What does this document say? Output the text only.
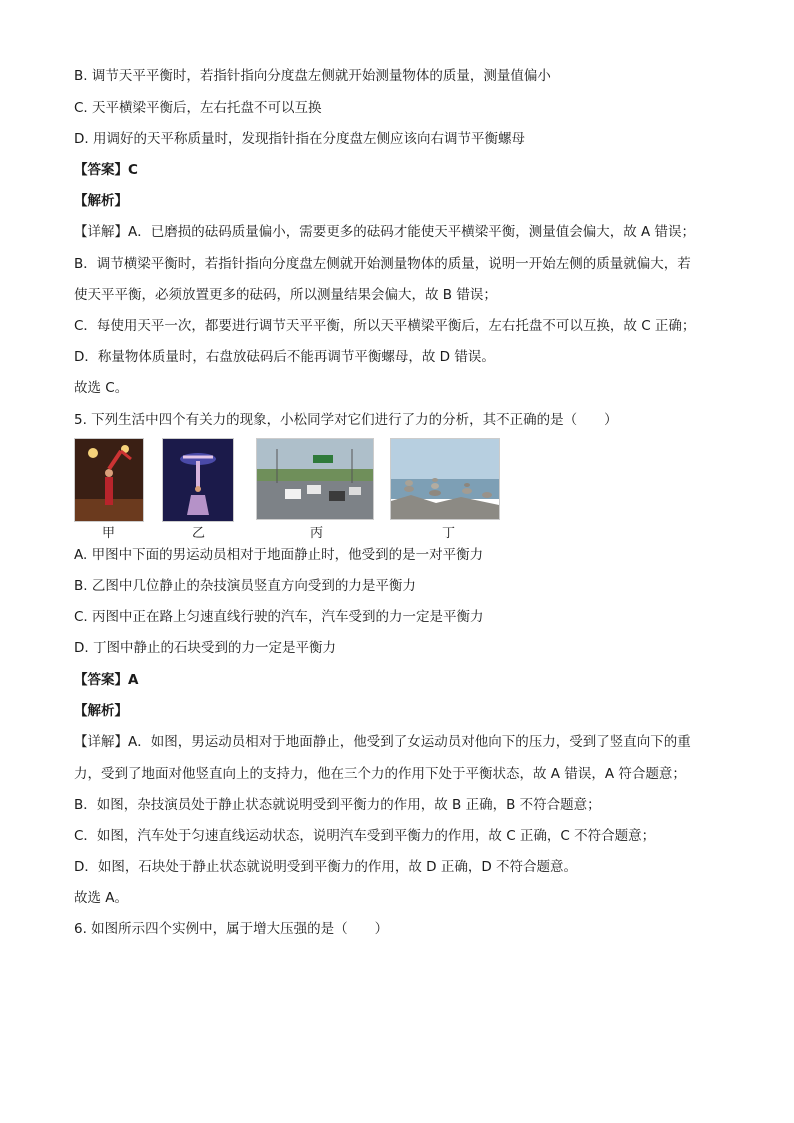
B. 调节天平平衡时，若指针指向分度盘左侧就开始测量物体的质量，测量值偏小
C. 天平横梁平衡后，左右托盘不可以互换
D. 用调好的天平称质量时，发现指针指在分度盘左侧应该向右调节平衡螺母
【答案】C
【解析】
【详解】A．已磨损的砝码质量偏小，需要更多的砝码才能使天平横梁平衡，测量值会偏大，故 A 错误；
B．调节横梁平衡时，若指针指向分度盘左侧就开始测量物体的质量，说明一开始左侧的质量就偏大，若
使天平平衡，必须放置更多的砝码，所以测量结果会偏大，故 B 错误；
C．每使用天平一次，都要进行调节天平平衡，所以天平横梁平衡后，左右托盘不可以互换，故 C 正确；
D．称量物体质量时，右盘放砝码后不能再调节平衡螺母，故 D 错误。
故选 C。
5. 下列生活中四个有关力的现象，小松同学对它们进行了力的分析，其不正确的是（　　）
甲	乙	丙	丁
A. 甲图中下面的男运动员相对于地面静止时，他受到的是一对平衡力
B. 乙图中几位静止的杂技演员竖直方向受到的力是平衡力
C. 丙图中正在路上匀速直线行驶的汽车，汽车受到的力一定是平衡力
D. 丁图中静止的石块受到的力一定是平衡力
【答案】A
【解析】
【详解】A．如图，男运动员相对于地面静止，他受到了女运动员对他向下的压力，受到了竖直向下的重
力，受到了地面对他竖直向上的支持力，他在三个力的作用下处于平衡状态，故 A 错误，A 符合题意；
B．如图，杂技演员处于静止状态就说明受到平衡力的作用，故 B 正确，B 不符合题意；
C．如图，汽车处于匀速直线运动状态，说明汽车受到平衡力的作用，故 C 正确，C 不符合题意；
D．如图，石块处于静止状态就说明受到平衡力的作用，故 D 正确，D 不符合题意。
故选 A。
6. 如图所示四个实例中，属于增大压强的是（　　）
